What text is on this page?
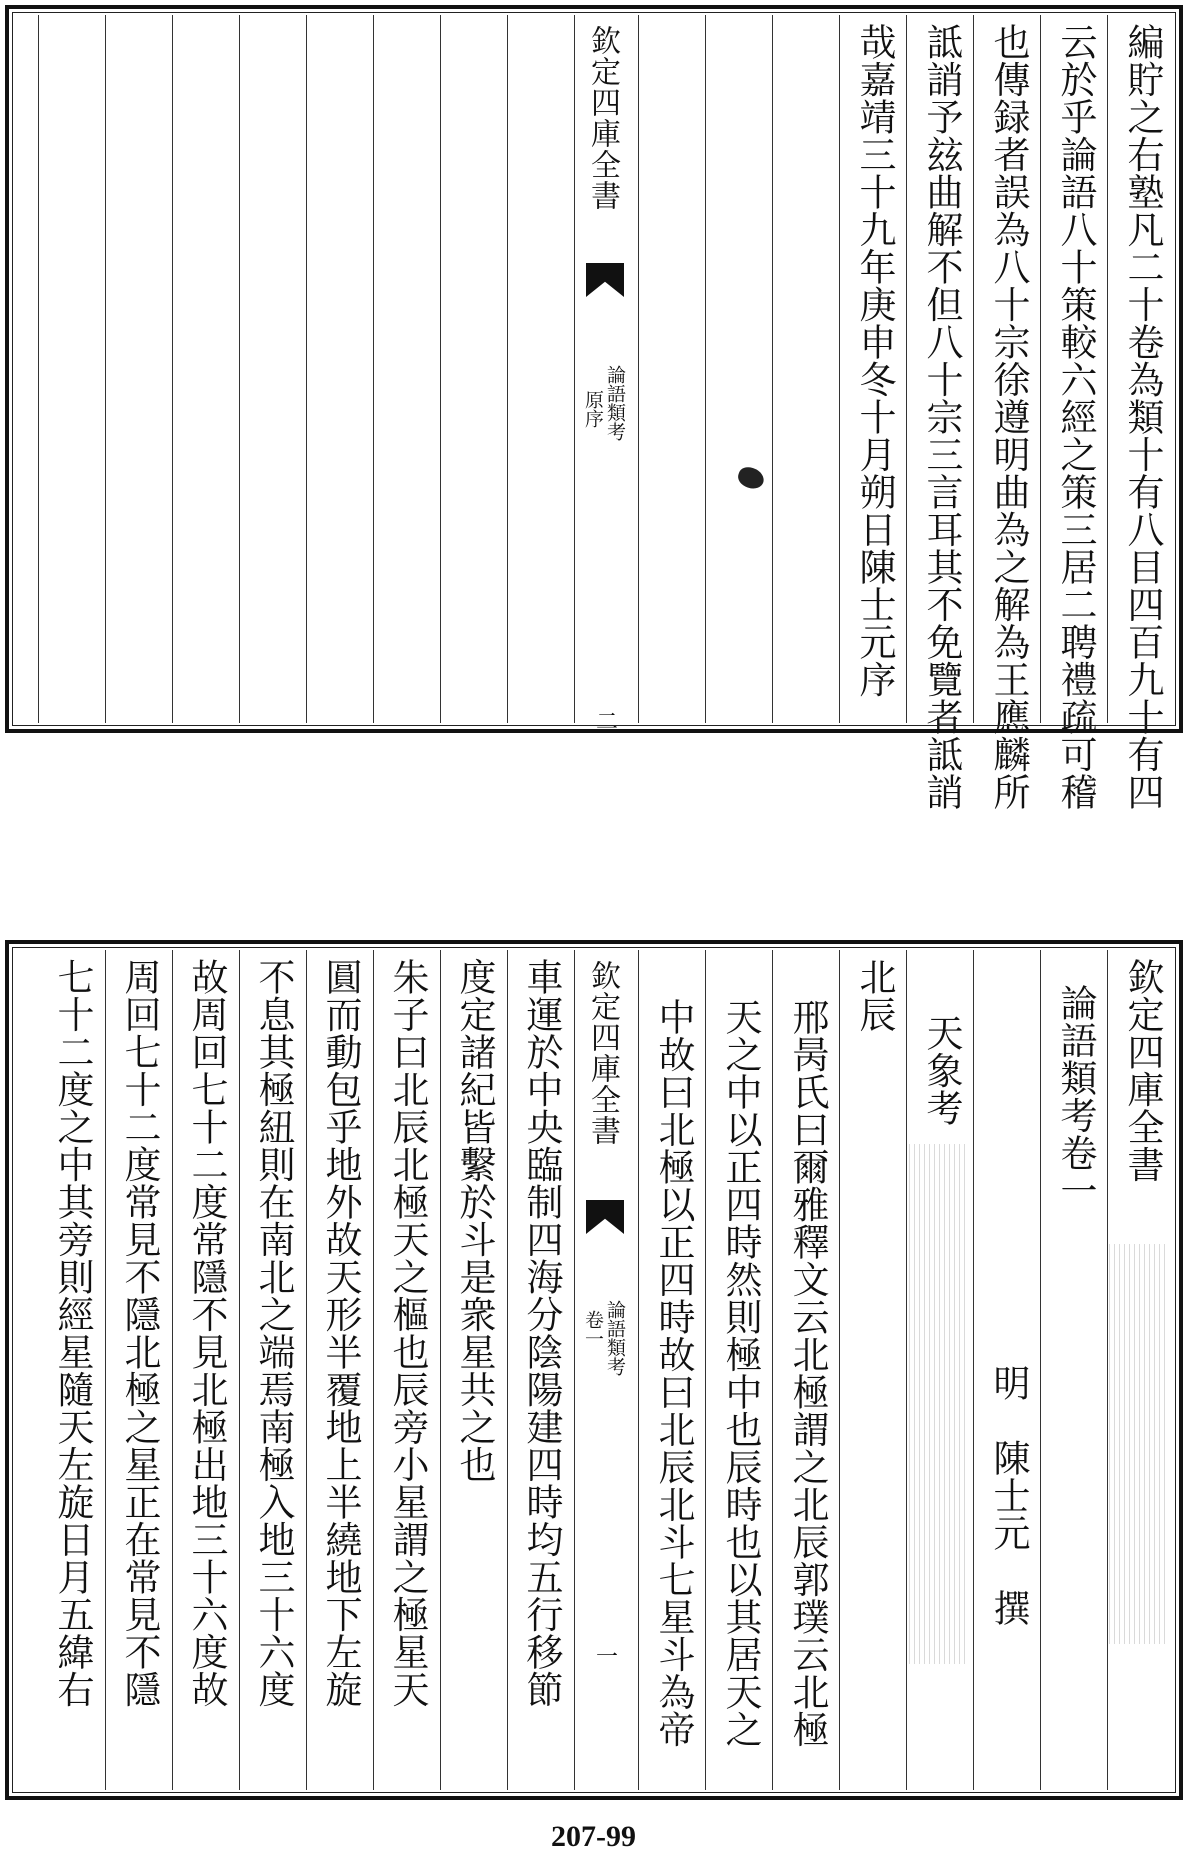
編貯之右塾凡二十卷為類十有八目四百九十有四
云於乎論語八十策較六經之策三居二聘禮疏可稽
也傳録者誤為八十宗徐遵明曲為之解為王應麟所
詆誚予玆曲解不但八十宗三言耳其不免覽者詆誚
哉嘉靖三十九年庚申冬十月朔日陳士元序
欽定四庫全書
論語類考
原序
二
欽定四庫全書
論語類考卷一
天象考
明　陳士元　撰
北辰
邢昺氏曰爾雅釋文云北極謂之北辰郭璞云北極
天之中以正四時然則極中也辰時也以其居天之
中故曰北極以正四時故曰北辰北斗七星斗為帝
欽定四庫全書
論語類考
卷一
一
車運於中央臨制四海分陰陽建四時均五行移節
度定諸紀皆繫於斗是衆星共之也
朱子曰北辰北極天之樞也辰旁小星謂之極星天
圓而動包乎地外故天形半覆地上半繞地下左旋
不息其極紐則在南北之端焉南極入地三十六度
故周回七十二度常隱不見北極出地三十六度故
周回七十二度常見不隱北極之星正在常見不隱
七十二度之中其旁則經星隨天左旋日月五緯右
207-99
